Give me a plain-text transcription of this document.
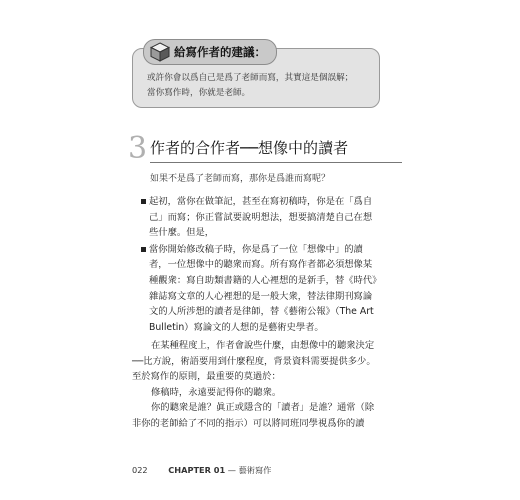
給寫作者的建議：
或許你會以爲自己是爲了老師而寫，其實這是個誤解；
當你寫作時，你就是老師。
3 作者的合作者──想像中的讀者
如果不是爲了老師而寫，那你是爲誰而寫呢？
起初，當你在做筆記，甚至在寫初稿時，你是在「爲自
己」而寫；你正嘗試要說明想法，想要搞清楚自己在想
些什麼。但是，
當你開始修改稿子時，你是爲了一位「想像中」的讀
者，一位想像中的聽衆而寫。所有寫作者都必須想像某
種觀衆：寫自助類書籍的人心裡想的是新手，替《時代》
雜誌寫文章的人心裡想的是一般大衆，替法律期刊寫論
文的人所涉想的讀者是律師，替《藝術公報》（The Art
Bulletin）寫論文的人想的是藝術史學者。

在某種程度上，作者會說些什麼，由想像中的聽衆決定

──比方說，術語要用到什麼程度，背景資料需要提供多少。

至於寫作的原則，最重要的莫過於：

修稿時，永遠要記得你的聽衆。

你的聽衆是誰？眞正或隱含的「讀者」是誰？通常（除

非你的老師給了不同的指示）可以將同班同學視爲你的讀

022	CHAPTER 01 — 藝術寫作
